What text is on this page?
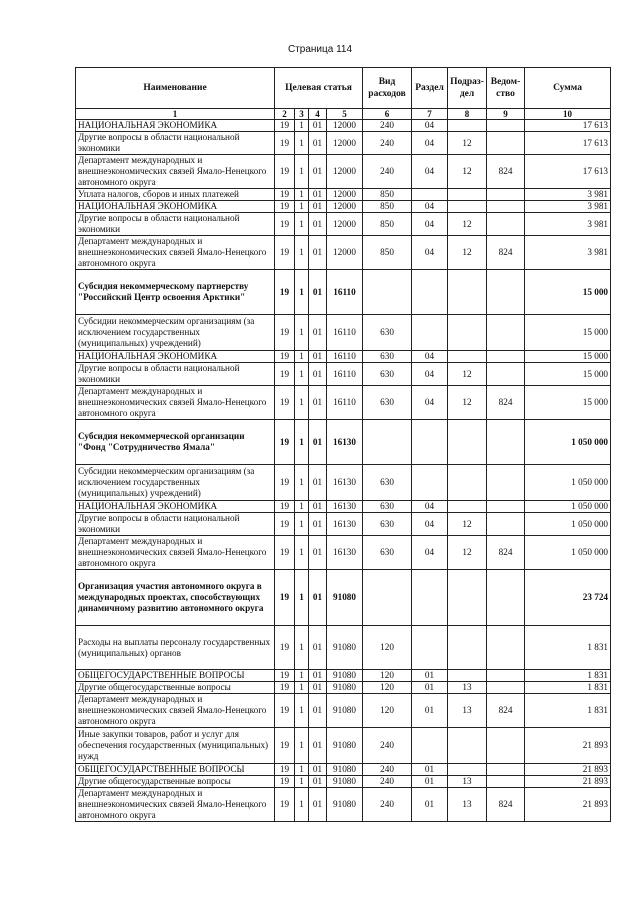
Страница 114
Наименование	Целевая статья				Вид расходов	Раздел	Подраз-дел	Ведом-ство	Сумма
1	2	3	4	5	6	7	8	9	10
НАЦИОНАЛЬНАЯ ЭКОНОМИКА	19	1	01	12000	240	04			17 613
Другие вопросы в области национальной экономики	19	1	01	12000	240	04	12		17 613
Департамент международных и внешнеэкономических связей Ямало-Ненецкого автономного округа	19	1	01	12000	240	04	12	824	17 613
Уплата налогов, сборов и иных платежей	19	1	01	12000	850				3 981
НАЦИОНАЛЬНАЯ ЭКОНОМИКА	19	1	01	12000	850	04			3 981
Другие вопросы в области национальной экономики	19	1	01	12000	850	04	12		3 981
Департамент международных и внешнеэкономических связей Ямало-Ненецкого автономного округа	19	1	01	12000	850	04	12	824	3 981
Субсидия некоммерческому партнерству "Российский Центр освоения Арктики"	19	1	01	16110					15 000
Субсидии некоммерческим организациям (за исключением государственных (муниципальных) учреждений)	19	1	01	16110	630				15 000
НАЦИОНАЛЬНАЯ ЭКОНОМИКА	19	1	01	16110	630	04			15 000
Другие вопросы в области национальной экономики	19	1	01	16110	630	04	12		15 000
Департамент международных и внешнеэкономических связей Ямало-Ненецкого автономного округа	19	1	01	16110	630	04	12	824	15 000
Субсидия некоммерческой организации "Фонд "Сотрудничество Ямала"	19	1	01	16130					1 050 000
Субсидии некоммерческим организациям (за исключением государственных (муниципальных) учреждений)	19	1	01	16130	630				1 050 000
НАЦИОНАЛЬНАЯ ЭКОНОМИКА	19	1	01	16130	630	04			1 050 000
Другие вопросы в области национальной экономики	19	1	01	16130	630	04	12		1 050 000
Департамент международных и внешнеэкономических связей Ямало-Ненецкого автономного округа	19	1	01	16130	630	04	12	824	1 050 000
Организация участия автономного округа в международных проектах, способствующих динамичному развитию автономного округа	19	1	01	91080					23 724
Расходы на выплаты персоналу государственных (муниципальных) органов	19	1	01	91080	120				1 831
ОБЩЕГОСУДАРСТВЕННЫЕ ВОПРОСЫ	19	1	01	91080	120	01			1 831
Другие общегосударственные вопросы	19	1	01	91080	120	01	13		1 831
Департамент международных и внешнеэкономических связей Ямало-Ненецкого автономного округа	19	1	01	91080	120	01	13	824	1 831
Иные закупки товаров, работ и услуг для обеспечения государственных (муниципальных) нужд	19	1	01	91080	240				21 893
ОБЩЕГОСУДАРСТВЕННЫЕ ВОПРОСЫ	19	1	01	91080	240	01			21 893
Другие общегосударственные вопросы	19	1	01	91080	240	01	13		21 893
Департамент международных и внешнеэкономических связей Ямало-Ненецкого автономного округа	19	1	01	91080	240	01	13	824	21 893
